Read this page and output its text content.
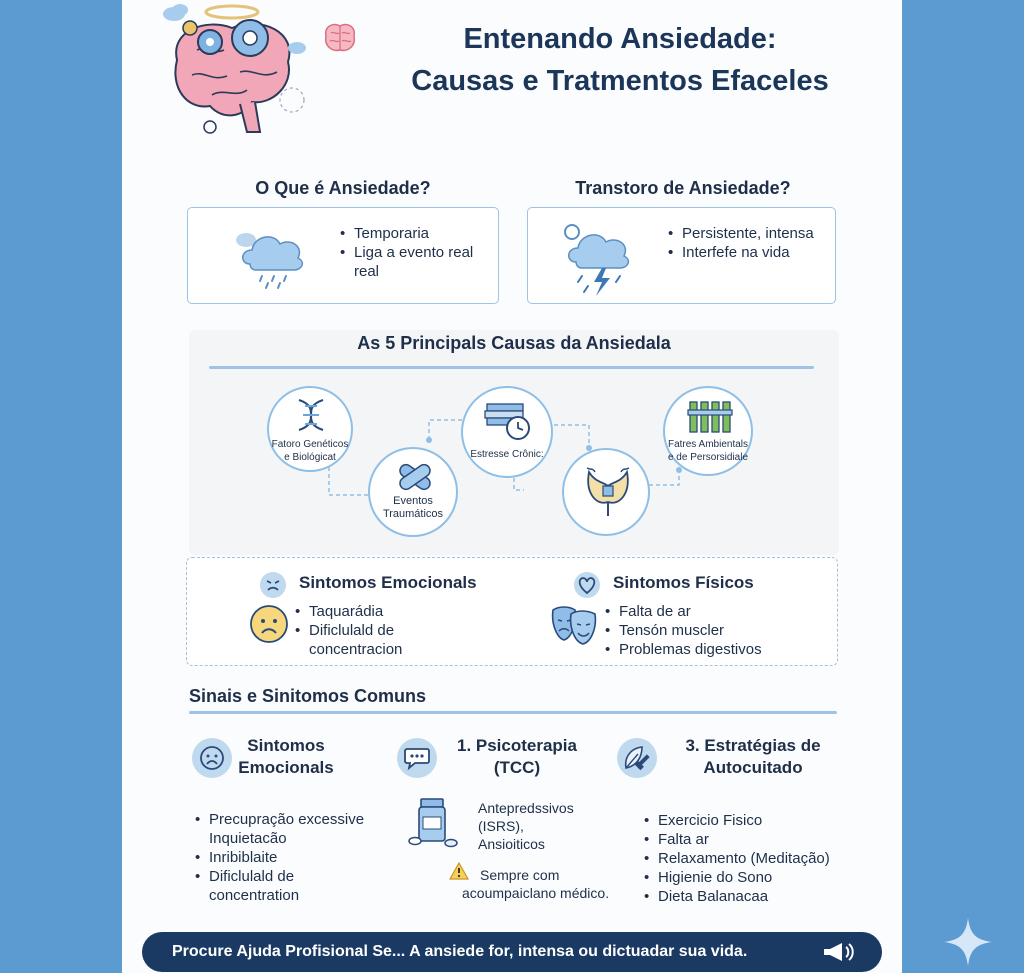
Entenando Ansiedade:
Causas e Tratmentos Efaceles
O Que é Ansiedade?	Transtoro de Ansiedade?
• Temporaria
• Liga a evento real
real
• Persistente, intensa
• Interfefe na vida
As 5 Principals Causas da Ansiedala
Fatoro Genéticos
e Biológicat
Eventos
Traumáticos
Estresse Crônic:
Fatres Ambientals
e de Persorsidiale
Sintomos Emocionals
• Taquarádia
• Dificlulald de
concentracion
Sintomos Físicos
• Falta de ar
• Tensón muscler
• Problemas digestivos
Sinais e Sinitomos Comuns
Sintomos
Emocionals
• Precupração excessive
Inquietacão
• Inribiblaite
• Dificlulald de
concentration
1. Psicoterapia
(TCC)
Antepredssivos
(ISRS),
Ansioiticos
Sempre com
acoumpaiclano médico.
3. Estratégias de
Autocuitado
• Exercicio Fisico
• Falta ar
• Relaxamento (Meditação)
• Higienie do Sono
• Dieta Balanacaa
Procure Ajuda Profisional Se... A ansiede for, intensa ou dictuadar sua vida.
